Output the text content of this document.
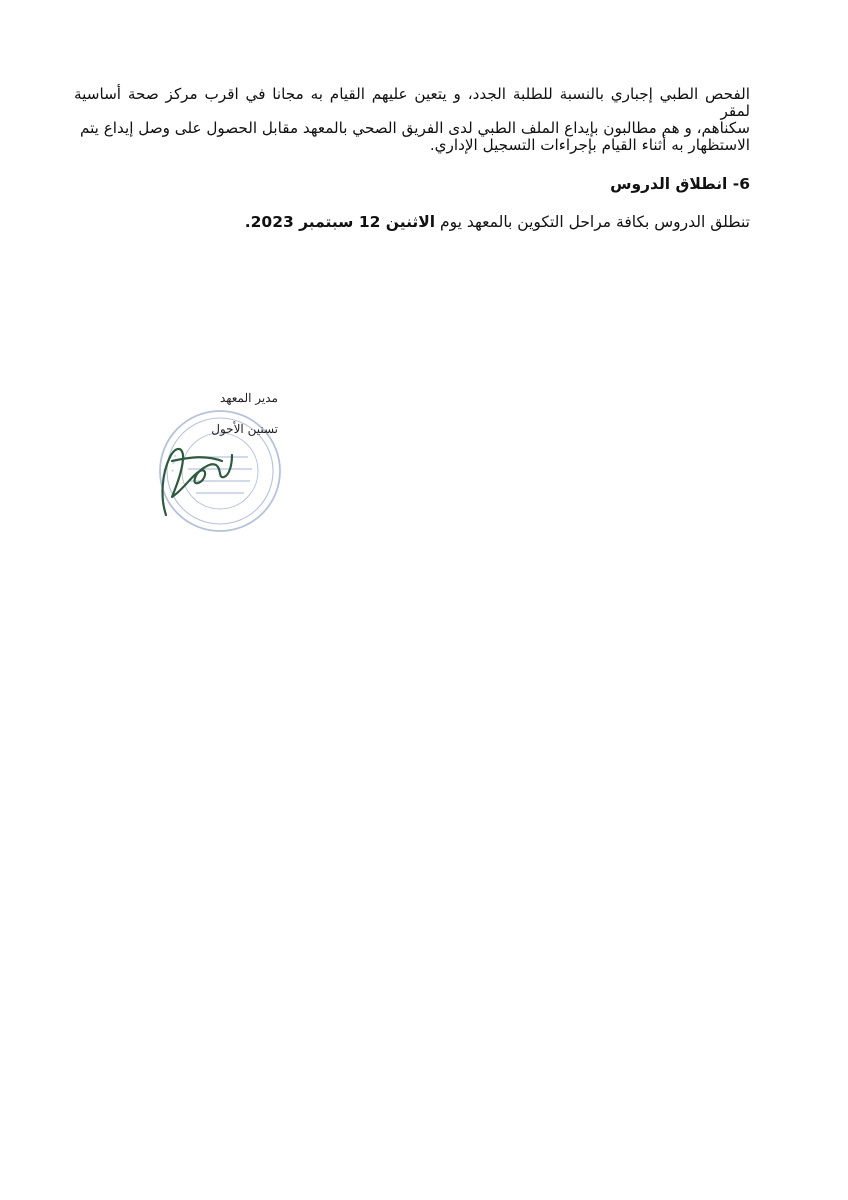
الفحص الطبي إجباري بالنسبة للطلبة الجدد، و يتعين عليهم القيام به مجانا في اقرب مركز صحة أساسية لمقر
سكناهم، و هم مطالبون بإيداع الملف الطبي لدى الفريق الصحي بالمعهد مقابل الحصول على وصل إيداع يتم
الاستظهار به أثناء القيام بإجراءات التسجيل الإداري.
6- انطلاق الدروس
تنطلق الدروس بكافة مراحل التكوين بالمعهد يوم الاثنين 12 سبتمبر 2023.
⋆ ⋆ ⋆ ⋆ ⋆ ⋆ ⋆ ⋆ ⋆ ⋆ ⋆ ⋆
مدير المعهد
تسنين الأحول
